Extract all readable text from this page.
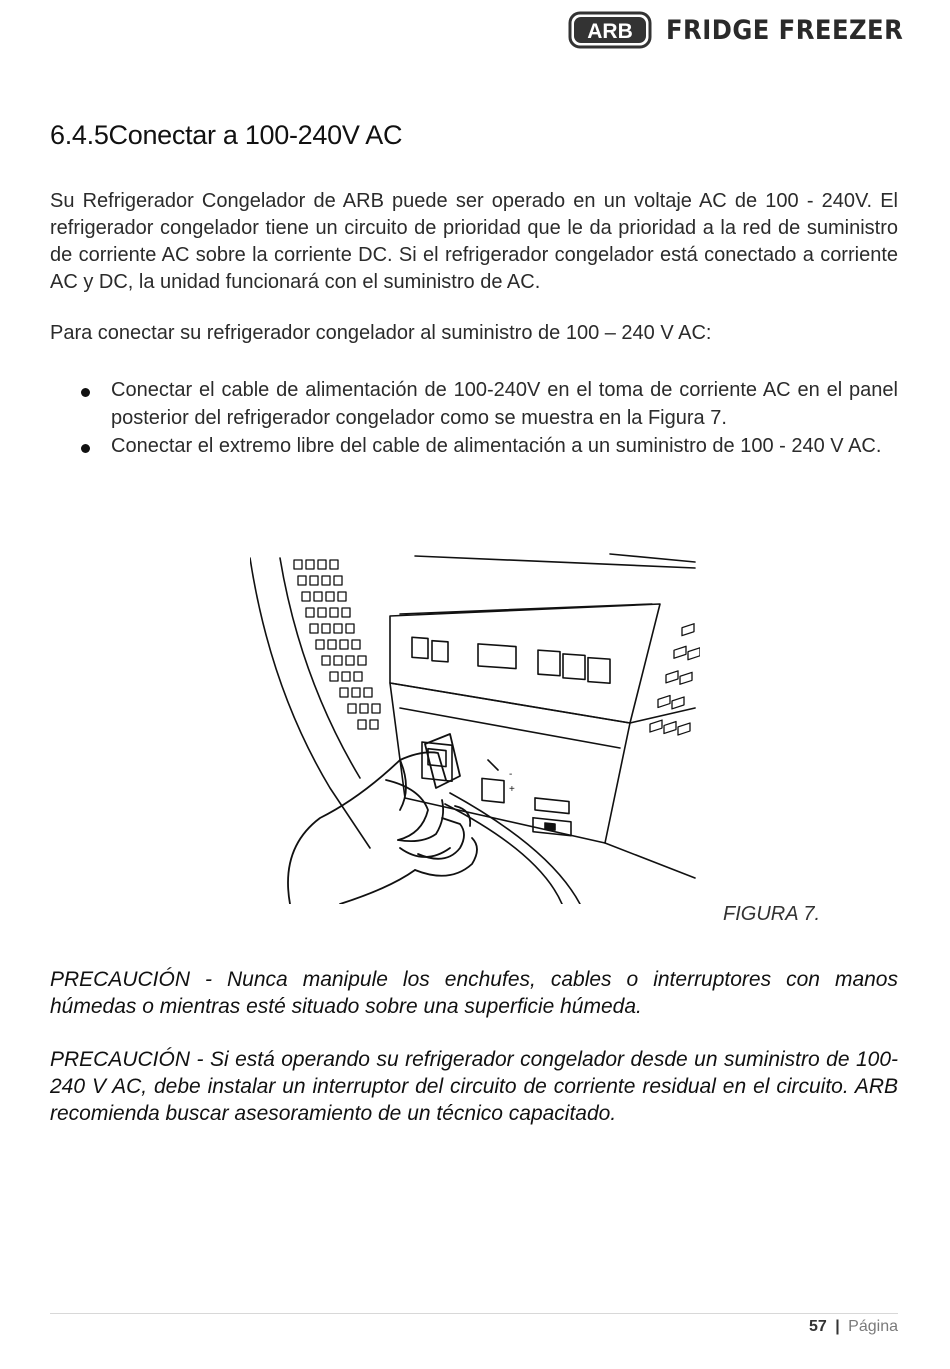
ARB FRIDGE FREEZER
6.4.5Conectar a 100-240V AC

Su Refrigerador Congelador de ARB puede ser operado en un voltaje AC de 100 - 240V. El refrigerador congelador tiene un circuito de prioridad que le da prioridad a la red de suministro de corriente AC sobre la corriente DC. Si el refrigerador congelador está conectado a corriente AC y DC, la unidad funcionará con el suministro de AC.

Para conectar su refrigerador congelador al suministro de 100 – 240 V AC:

Conectar el cable de alimentación de 100-240V en el toma de corriente AC en el panel posterior del refrigerador congelador como se muestra en la Figura 7.
Conectar el extremo libre del cable de alimentación a un suministro de 100 - 240 V AC.
-
+
FIGURA 7.

PRECAUCIÓN - Nunca manipule los enchufes, cables o interruptores con manos húmedas o mientras esté situado sobre una superficie húmeda.

PRECAUCIÓN - Si está operando su refrigerador congelador desde un suministro de 100-240 V AC, debe instalar un interruptor del circuito de corriente residual en el circuito. ARB recomienda buscar asesoramiento de un técnico capacitado.

57 | Página
